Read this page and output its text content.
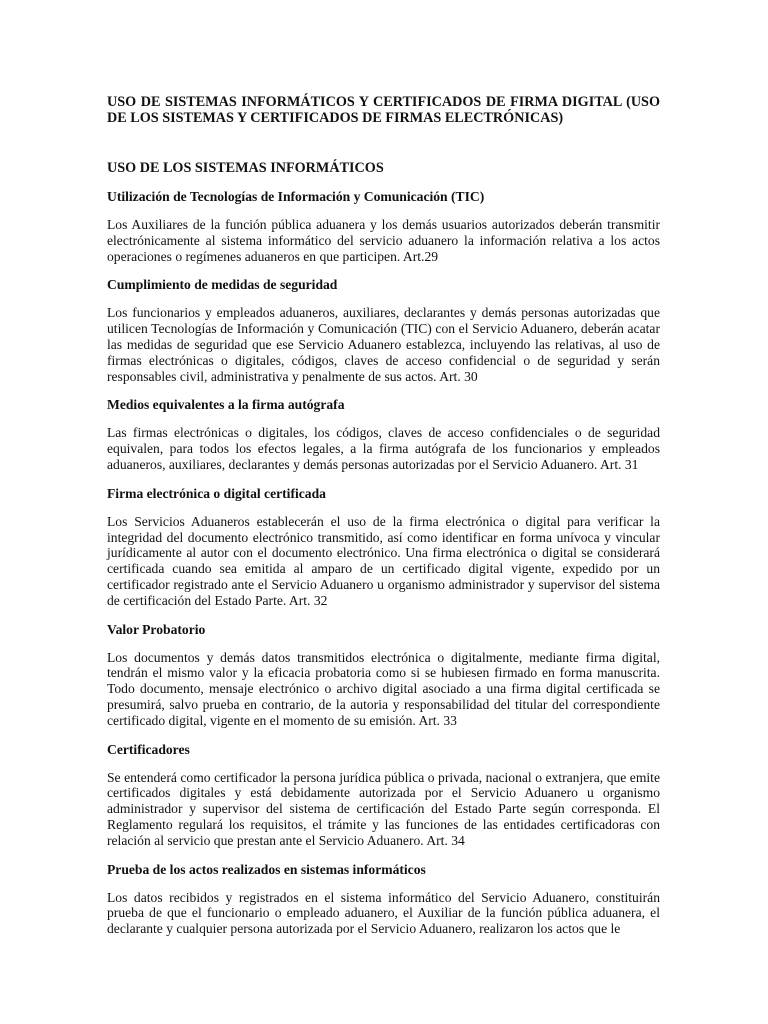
USO DE SISTEMAS INFORMÁTICOS Y CERTIFICADOS DE FIRMA DIGITAL (USO DE LOS SISTEMAS Y CERTIFICADOS DE FIRMAS ELECTRÓNICAS)
USO DE LOS SISTEMAS INFORMÁTICOS
Utilización de Tecnologías de Información y Comunicación (TIC)
Los Auxiliares de la función pública aduanera y los demás usuarios autorizados deberán transmitir electrónicamente al sistema informático del servicio aduanero la información relativa a los actos operaciones o regímenes aduaneros en que participen. Art.29
Cumplimiento de medidas de seguridad
Los funcionarios y empleados aduaneros, auxiliares, declarantes y demás personas autorizadas que utilicen Tecnologías de Información y Comunicación (TIC) con el Servicio Aduanero, deberán acatar las medidas de seguridad que ese Servicio Aduanero establezca, incluyendo las relativas, al uso de firmas electrónicas o digitales, códigos, claves de acceso confidencial o de seguridad y serán responsables civil, administrativa y penalmente de sus actos. Art. 30
Medios equivalentes a la firma autógrafa
Las firmas electrónicas o digitales, los códigos, claves de acceso confidenciales o de seguridad equivalen, para todos los efectos legales, a la firma autógrafa de los funcionarios y empleados aduaneros, auxiliares, declarantes y demás personas autorizadas por el Servicio Aduanero. Art. 31
Firma electrónica o digital certificada
Los Servicios Aduaneros establecerán el uso de la firma electrónica o digital para verificar la integridad del documento electrónico transmitido, así como identificar en forma unívoca y vincular jurídicamente al autor con el documento electrónico. Una firma electrónica o digital se considerará certificada cuando sea emitida al amparo de un certificado digital vigente, expedido por un certificador registrado ante el Servicio Aduanero u organismo administrador y supervisor del sistema de certificación del Estado Parte. Art. 32
Valor Probatorio
Los documentos y demás datos transmitidos electrónica o digitalmente, mediante firma digital, tendrán el mismo valor y la eficacia probatoria como si se hubiesen firmado en forma manuscrita. Todo documento, mensaje electrónico o archivo digital asociado a una firma digital certificada se presumirá, salvo prueba en contrario, de la autoria y responsabilidad del titular del correspondiente certificado digital, vigente en el momento de su emisión. Art. 33
Certificadores
Se entenderá como certificador la persona jurídica pública o privada, nacional o extranjera, que emite certificados digitales y está debidamente autorizada por el Servicio Aduanero u organismo administrador y supervisor del sistema de certificación del Estado Parte según corresponda. El Reglamento regulará los requisitos, el trámite y las funciones de las entidades certificadoras con relación al servicio que prestan ante el Servicio Aduanero. Art. 34
Prueba de los actos realizados en sistemas informáticos
Los datos recibidos y registrados en el sistema informático del Servicio Aduanero, constituirán prueba de que el funcionario o empleado aduanero, el Auxiliar de la función pública aduanera, el declarante y cualquier persona autorizada por el Servicio Aduanero, realizaron los actos que le
